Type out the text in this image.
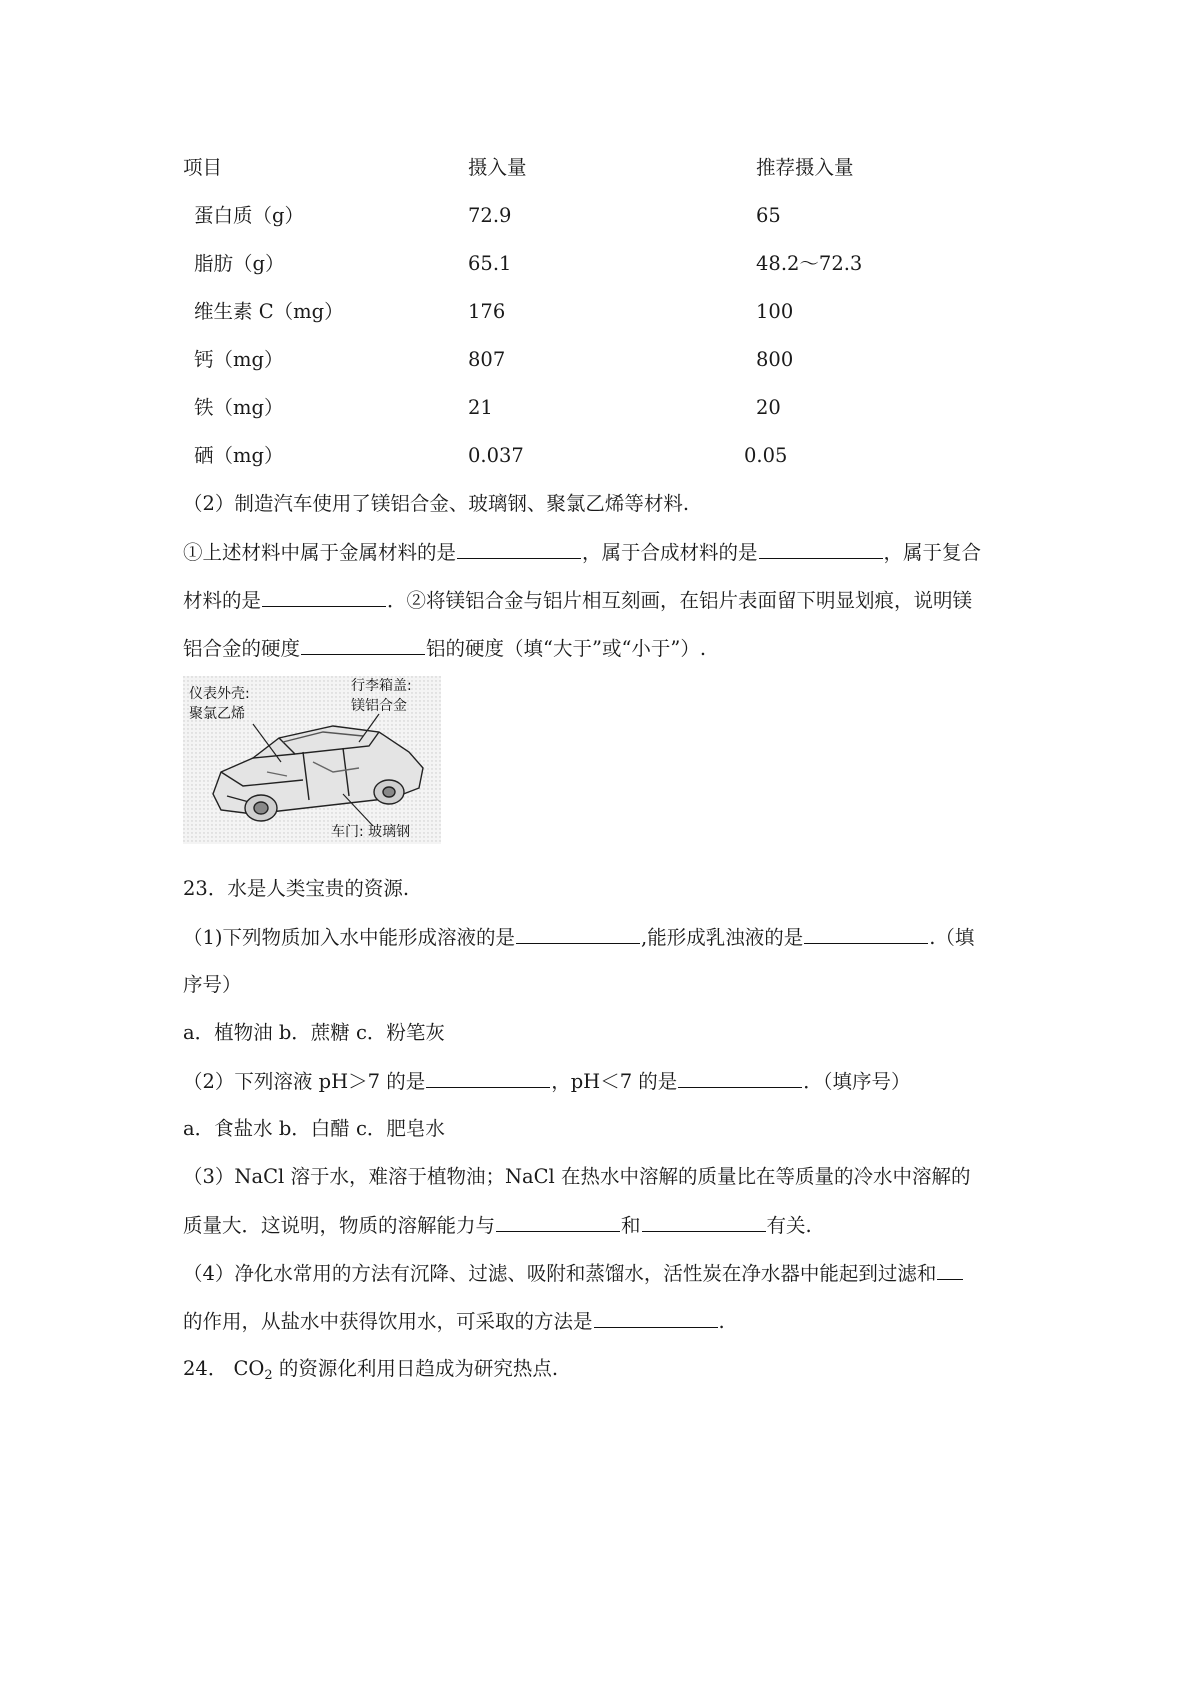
项目	摄入量	推荐摄入量
蛋白质（g）	72.9	65
脂肪（g）	65.1	48.2～72.3
维生素 C（mg）	176	100
钙（mg）	807	800
铁（mg）	21	20
硒（mg）	0.037	0.05
（2）制造汽车使用了镁铝合金、玻璃钢、聚氯乙烯等材料.
①上述材料中属于金属材料的是	，属于合成材料的是	，属于复合
材料的是	．②将镁铝合金与铝片相互刻画，在铝片表面留下明显划痕，说明镁
铝合金的硬度	铝的硬度（填“大于”或“小于”）.
仪表外壳:
聚氯乙烯
行李箱盖:
镁铝合金
车门: 玻璃钢
23．水是人类宝贵的资源.
（1)下列物质加入水中能形成溶液的是	,能形成乳浊液的是	.（填
序号）
a．植物油 b．蔗糖 c．粉笔灰
（2）下列溶液 pH＞7 的是	，pH＜7 的是	．（填序号）
a．食盐水 b．白醋 c．肥皂水
（3）NaCl 溶于水，难溶于植物油；NaCl 在热水中溶解的质量比在等质量的冷水中溶解的
质量大．这说明，物质的溶解能力与	和	有关.
（4）净化水常用的方法有沉降、过滤、吸附和蒸馏水，活性炭在净水器中能起到过滤和
的作用，从盐水中获得饮用水，可采取的方法是	.
24． $CO_2$ 的资源化利用日趋成为研究热点.
